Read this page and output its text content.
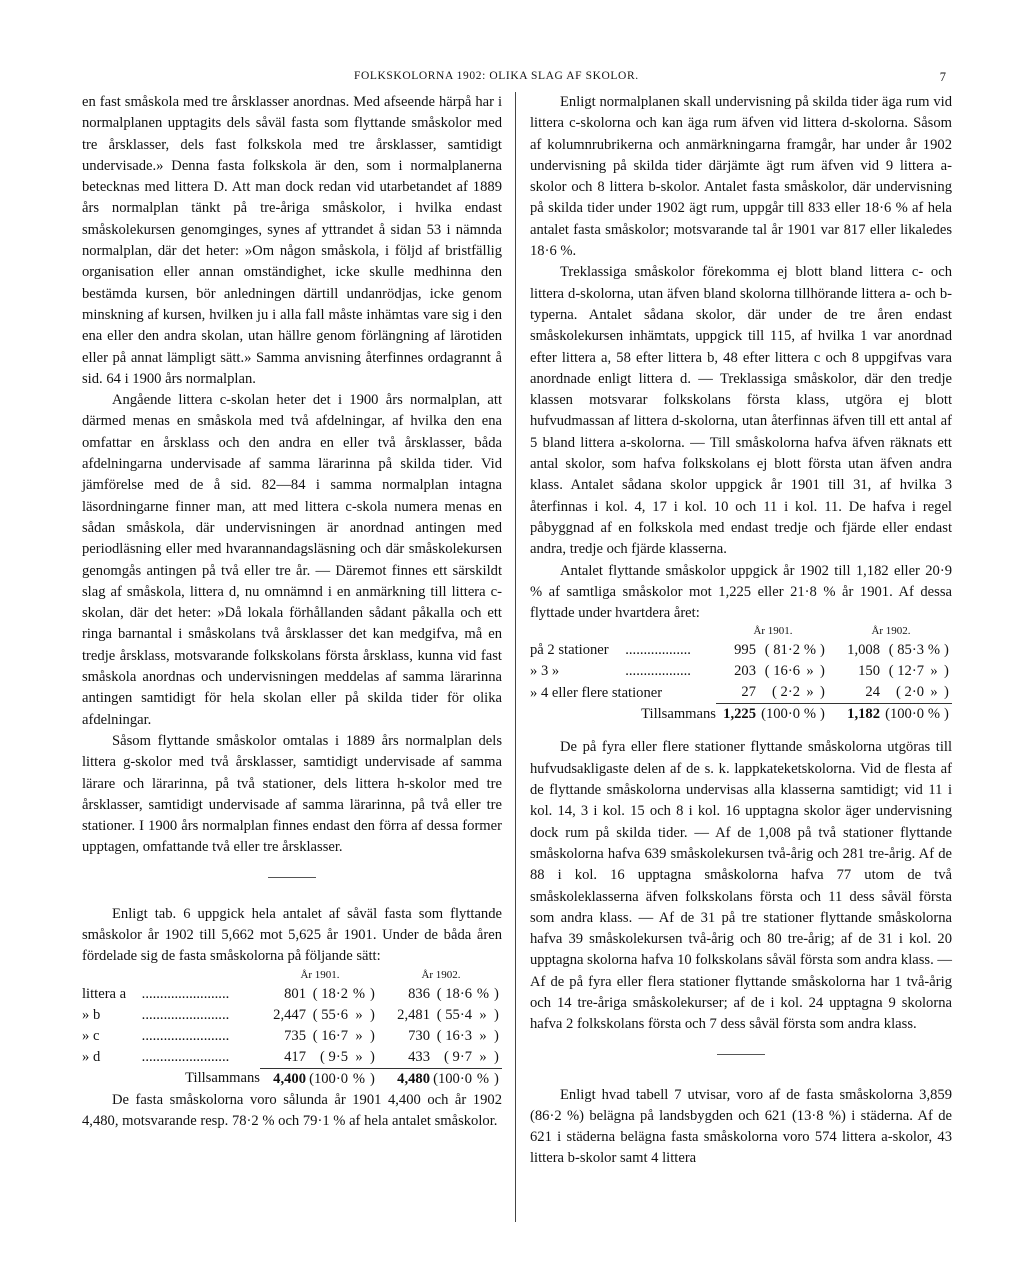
FOLKSKOLORNA 1902: OLIKA SLAG AF SKOLOR.	7

en fast småskola med tre årsklasser anordnas. Med afseende härpå har i normalplanen upptagits dels såväl fasta som flyttande småskolor med tre årsklasser, dels fast folkskola med tre årsklasser, samtidigt undervisade.» Denna fasta folkskola är den, som i normalplanerna betecknas med littera D. Att man dock redan vid utarbetandet af 1889 års normalplan tänkt på tre-åriga småskolor, i hvilka endast småskolekursen genomginges, synes af yttrandet å sidan 53 i nämnda normalplan, där det heter: »Om någon småskola, i följd af bristfällig organisation eller annan omständighet, icke skulle medhinna den bestämda kursen, bör anledningen därtill undanrödjas, icke genom minskning af kursen, hvilken ju i alla fall måste inhämtas vare sig i den ena eller den andra skolan, utan hällre genom förlängning af lärotiden eller på annat lämpligt sätt.» Samma anvisning återfinnes ordagrannt å sid. 64 i 1900 års normalplan.

Angående littera c-skolan heter det i 1900 års normalplan, att därmed menas en småskola med två afdelningar, af hvilka den ena omfattar en årsklass och den andra en eller två årsklasser, båda afdelningarna undervisade af samma lärarinna på skilda tider. Vid jämförelse med de å sid. 82—84 i samma normalplan intagna läsordningarne finner man, att med littera c-skola numera menas en sådan småskola, där undervisningen är anordnad antingen med periodläsning eller med hvarannandagsläsning och där småskolekursen genomgås antingen på två eller tre år. — Däremot finnes ett särskildt slag af småskola, littera d, nu omnämnd i en anmärkning till littera c-skolan, där det heter: »Då lokala förhållanden sådant påkalla och ett ringa barnantal i småskolans två årsklasser det kan medgifva, må en tredje årsklass, motsvarande folkskolans första årsklass, kunna vid fast småskola anordnas och undervisningen meddelas af samma lärarinna antingen samtidigt för hela skolan eller på skilda tider för olika afdelningar.

Såsom flyttande småskolor omtalas i 1889 års normalplan dels littera g-skolor med två årsklasser, samtidigt undervisade af samma lärare och lärarinna, på två stationer, dels littera h-skolor med tre årsklasser, samtidigt undervisade af samma lärarinna, på två eller tre stationer. I 1900 års normalplan finnes endast den förra af dessa former upptagen, omfattande två eller tre årsklasser.

Enligt tab. 6 uppgick hela antalet af såväl fasta som flyttande småskolor år 1902 till 5,662 mot 5,625 år 1901. Under de båda åren fördelade sig de fasta småskolorna på följande sätt:

		År 1901.				År 1902.			
littera a	........................	801	( 18·2	%	)	836	( 18·6	%	)
» b	........................	2,447	( 55·6	»	)	2,481	( 55·4	»	)
» c	........................	735	( 16·7	»	)	730	( 16·3	»	)
» d	........................	417	( 9·5	»	)	433	( 9·7	»	)
	Tillsammans	4,400	(100·0	%	)	4,480	(100·0	%	)

De fasta småskolorna voro sålunda år 1901 4,400 och år 1902 4,480, motsvarande resp. 78·2 % och 79·1 % af hela antalet småskolor.

Enligt normalplanen skall undervisning på skilda tider äga rum vid littera c-skolorna och kan äga rum äfven vid littera d-skolorna. Såsom af kolumnrubrikerna och anmärkningarna framgår, har under år 1902 undervisning på skilda tider därjämte ägt rum äfven vid 9 littera a-skolor och 8 littera b-skolor. Antalet fasta småskolor, där undervisning på skilda tider under 1902 ägt rum, uppgår till 833 eller 18·6 % af hela antalet fasta småskolor; motsvarande tal år 1901 var 817 eller likaledes 18·6 %.

Treklassiga småskolor förekomma ej blott bland littera c- och littera d-skolorna, utan äfven bland skolorna tillhörande littera a- och b-typerna. Antalet sådana skolor, där under de tre åren endast småskolekursen inhämtats, uppgick till 115, af hvilka 1 var anordnad efter littera a, 58 efter littera b, 48 efter littera c och 8 uppgifvas vara anordnade enligt littera d. — Treklassiga småskolor, där den tredje klassen motsvarar folkskolans första klass, utgöra ej blott hufvudmassan af littera d-skolorna, utan återfinnas äfven till ett antal af 5 bland littera a-skolorna. — Till småskolorna hafva äfven räknats ett antal skolor, som hafva folkskolans ej blott första utan äfven andra klass. Antalet sådana skolor uppgick år 1901 till 31, af hvilka 3 återfinnas i kol. 4, 17 i kol. 10 och 11 i kol. 11. De hafva i regel påbyggnad af en folkskola med endast tredje och fjärde eller endast andra, tredje och fjärde klasserna.

Antalet flyttande småskolor uppgick år 1902 till 1,182 eller 20·9 % af samtliga småskolor mot 1,225 eller 21·8 % år 1901. Af dessa flyttade under hvartdera året:

		År 1901.				År 1902.			
på 2 stationer	..................	995	( 81·2	%	)	1,008	( 85·3	%	)
» 3 »	..................	203	( 16·6	»	)	150	( 12·7	»	)
» 4 eller flere stationer		27	( 2·2	»	)	24	( 2·0	»	)
	Tillsammans	1,225	(100·0	%	)	1,182	(100·0	%	)

De på fyra eller flere stationer flyttande småskolorna utgöras till hufvudsakligaste delen af de s. k. lappkateketskolorna. Vid de flesta af de flyttande småskolorna undervisas alla klasserna samtidigt; vid 11 i kol. 14, 3 i kol. 15 och 8 i kol. 16 upptagna skolor äger undervisning dock rum på skilda tider. — Af de 1,008 på två stationer flyttande småskolorna hafva 639 småskolekursen två-årig och 281 tre-årig. Af de 88 i kol. 16 upptagna småskolorna hafva 77 utom de två småskoleklasserna äfven folkskolans första och 11 dess såväl första som andra klass. — Af de 31 på tre stationer flyttande småskolorna hafva 39 småskolekursen två-årig och 80 tre-årig; af de 31 i kol. 20 upptagna skolorna hafva 10 folkskolans såväl första som andra klass. — Af de på fyra eller flera stationer flyttande småskolorna har 1 två-årig och 14 tre-åriga småskolekurser; af de i kol. 24 upptagna 9 skolorna hafva 2 folkskolans första och 7 dess såväl första som andra klass.

Enligt hvad tabell 7 utvisar, voro af de fasta småskolorna 3,859 (86·2 %) belägna på landsbygden och 621 (13·8 %) i städerna. Af de 621 i städerna belägna fasta småskolorna voro 574 littera a-skolor, 43 littera b-skolor samt 4 littera
